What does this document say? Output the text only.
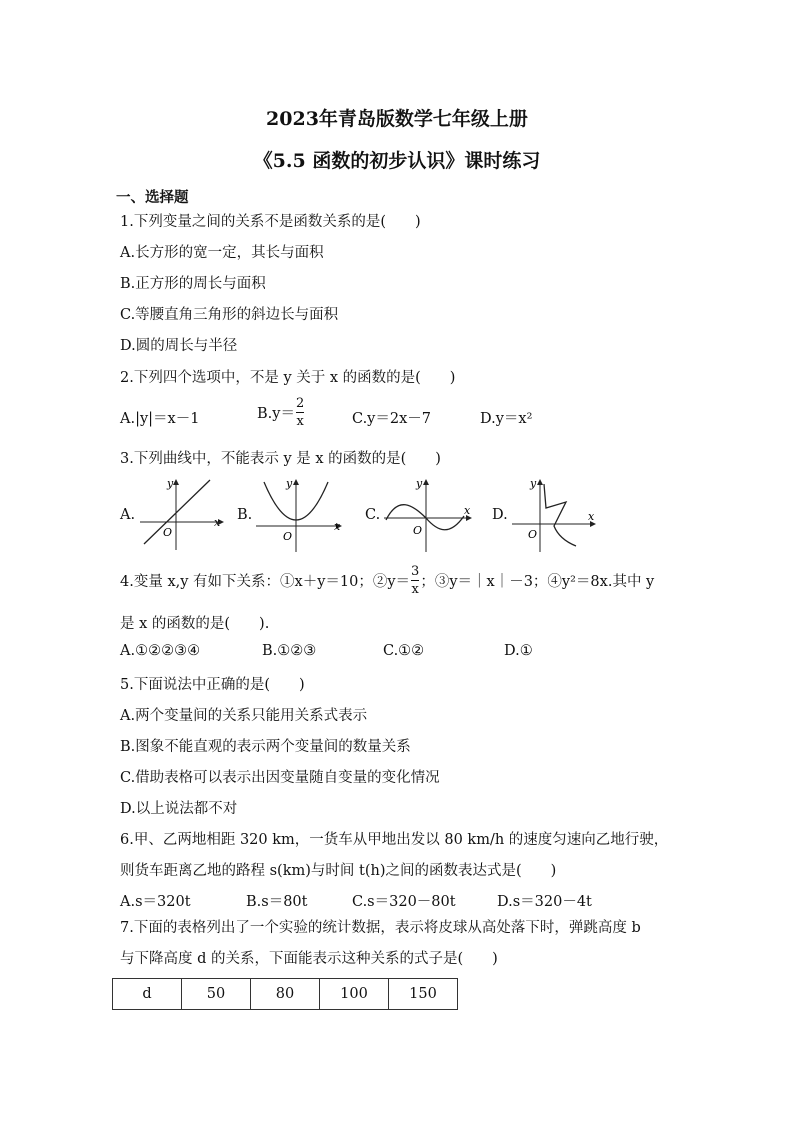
2023年青岛版数学七年级上册
《5.5 函数的初步认识》课时练习
一、选择题
1.下列变量之间的关系不是函数关系的是(　　)
A.长方形的宽一定，其长与面积
B.正方形的周长与面积
C.等腰直角三角形的斜边长与面积
D.圆的周长与半径
2.下列四个选项中，不是 y 关于 x 的函数的是(　　)
A.|y|＝x－1	$B.y= \frac{2}{x}$	C.y＝2x－7	D.y＝x²
3.下列曲线中，不能表示 y 是 x 的函数的是(　　)
A.	x
y
O
B.
x
y
O
C.	x
y
O
D.	x
y
O
4.变量 x,y 有如下关系：①x＋y＝10；②y＝ $\frac{3}{x}$ ；③y＝｜x｜－3；④y²＝8x.其中 y
是 x 的函数的是(　　).
A.①②②③④	B.①②③	C.①②	D.①
5.下面说法中正确的是(　　)
A.两个变量间的关系只能用关系式表示
B.图象不能直观的表示两个变量间的数量关系
C.借助表格可以表示出因变量随自变量的变化情况
D.以上说法都不对
6.甲、乙两地相距 320 km，一货车从甲地出发以 80 km/h 的速度匀速向乙地行驶，
则货车距离乙地的路程 s(km)与时间 t(h)之间的函数表达式是(　　)
A.s＝320t	B.s＝80t	C.s＝320－80t	D.s＝320－4t
7.下面的表格列出了一个实验的统计数据，表示将皮球从高处落下时，弹跳高度 b
与下降高度 d 的关系，下面能表示这种关系的式子是(　　)
d	50	80	100	150
